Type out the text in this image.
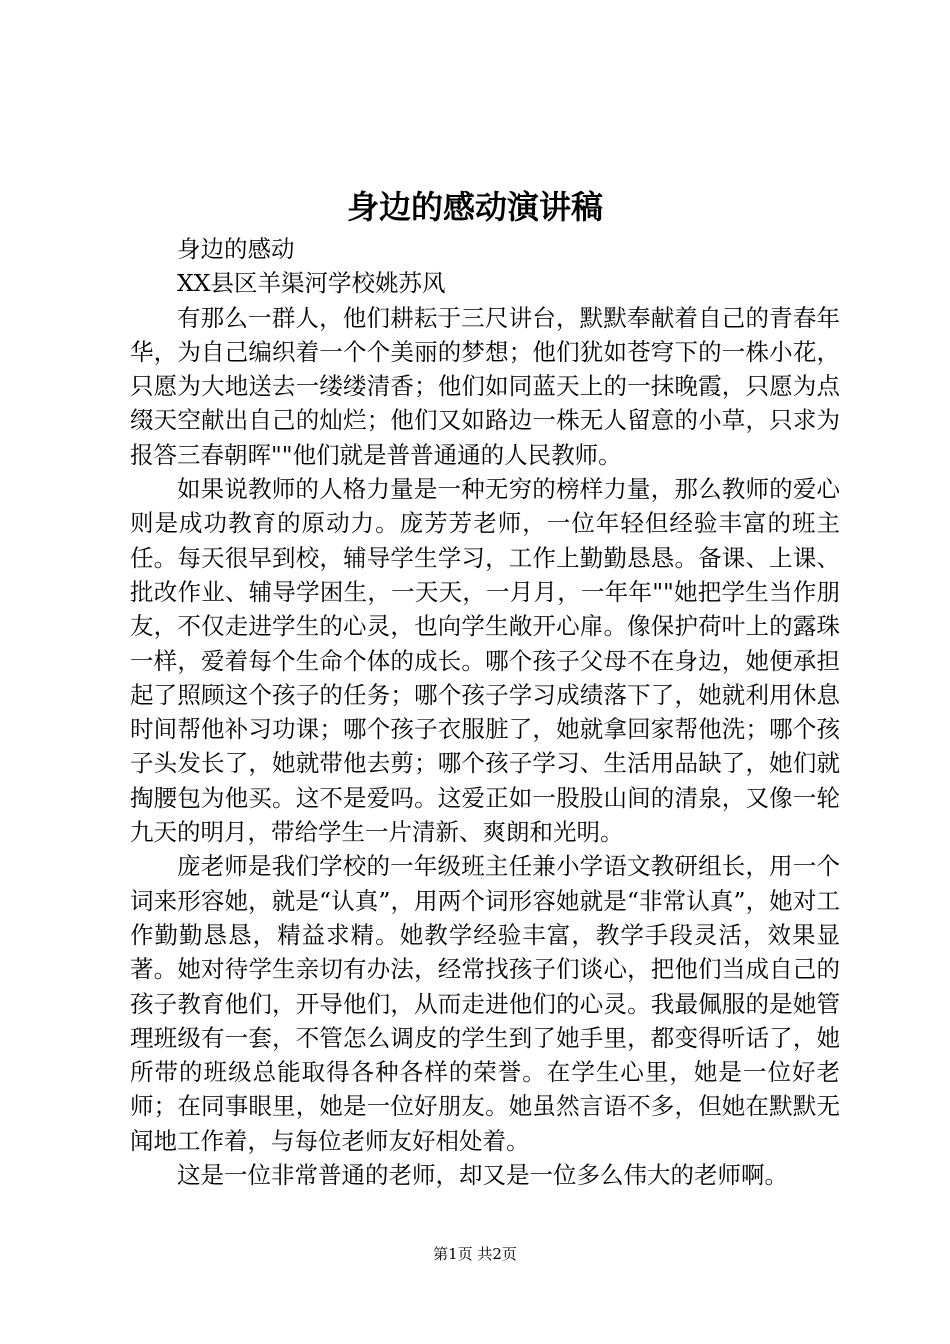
身边的感动演讲稿

身边的感动

XX县区羊渠河学校姚苏风

有那么一群人，他们耕耘于三尺讲台，默默奉献着自己的青春年华，为自己编织着一个个美丽的梦想；他们犹如苍穹下的一株小花，只愿为大地送去一缕缕清香；他们如同蓝天上的一抹晚霞，只愿为点缀天空献出自己的灿烂；他们又如路边一株无人留意的小草，只求为报答三春朝晖""他们就是普普通通的人民教师。

如果说教师的人格力量是一种无穷的榜样力量，那么教师的爱心则是成功教育的原动力。庞芳芳老师，一位年轻但经验丰富的班主任。每天很早到校，辅导学生学习，工作上勤勤恳恳。备课、上课、批改作业、辅导学困生，一天天，一月月，一年年""她把学生当作朋友，不仅走进学生的心灵，也向学生敞开心扉。像保护荷叶上的露珠一样，爱着每个生命个体的成长。哪个孩子父母不在身边，她便承担起了照顾这个孩子的任务；哪个孩子学习成绩落下了，她就利用休息时间帮他补习功课；哪个孩子衣服脏了，她就拿回家帮他洗；哪个孩子头发长了，她就带他去剪；哪个孩子学习、生活用品缺了，她们就掏腰包为他买。这不是爱吗。这爱正如一股股山间的清泉，又像一轮九天的明月，带给学生一片清新、爽朗和光明。

庞老师是我们学校的一年级班主任兼小学语文教研组长，用一个词来形容她，就是“认真”，用两个词形容她就是“非常认真”，她对工作勤勤恳恳，精益求精。她教学经验丰富，教学手段灵活，效果显著。她对待学生亲切有办法，经常找孩子们谈心，把他们当成自己的孩子教育他们，开导他们，从而走进他们的心灵。我最佩服的是她管理班级有一套，不管怎么调皮的学生到了她手里，都变得听话了，她所带的班级总能取得各种各样的荣誉。在学生心里，她是一位好老师；在同事眼里，她是一位好朋友。她虽然言语不多，但她在默默无闻地工作着，与每位老师友好相处着。

这是一位非常普通的老师，却又是一位多么伟大的老师啊。

第1页 共2页
